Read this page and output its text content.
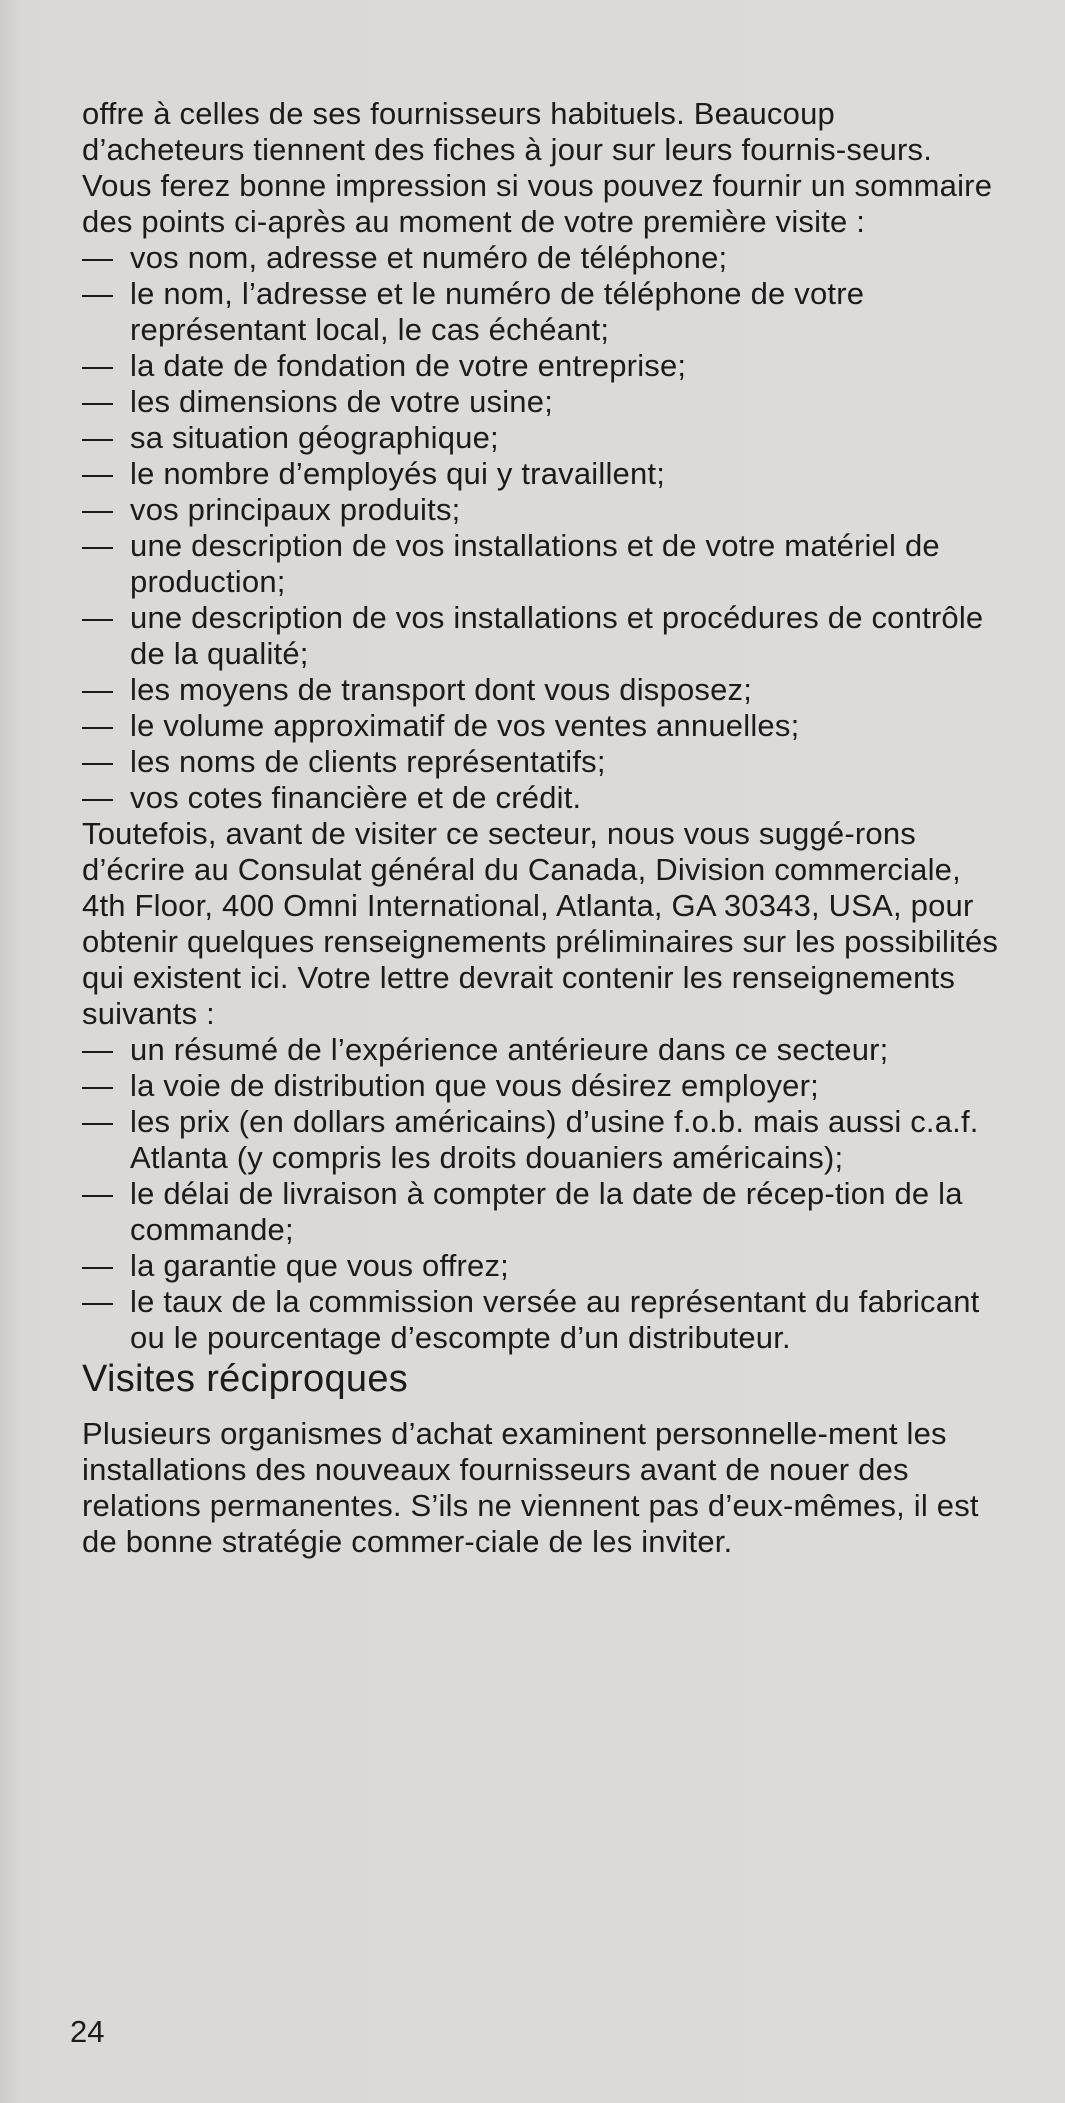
offre à celles de ses fournisseurs habituels. Beaucoup d’acheteurs tiennent des fiches à jour sur leurs fournis-seurs. Vous ferez bonne impression si vous pouvez fournir un sommaire des points ci-après au moment de votre première visite :

— vos nom, adresse et numéro de téléphone;
— le nom, l’adresse et le numéro de téléphone de votre représentant local, le cas échéant;
— la date de fondation de votre entreprise;
— les dimensions de votre usine;
— sa situation géographique;
— le nombre d’employés qui y travaillent;
— vos principaux produits;
— une description de vos installations et de votre matériel de production;
— une description de vos installations et procédures de contrôle de la qualité;
— les moyens de transport dont vous disposez;
— le volume approximatif de vos ventes annuelles;
— les noms de clients représentatifs;
— vos cotes financière et de crédit.

Toutefois, avant de visiter ce secteur, nous vous suggé-rons d’écrire au Consulat général du Canada, Division commerciale, 4th Floor, 400 Omni International, Atlanta, GA 30343, USA, pour obtenir quelques renseignements préliminaires sur les possibilités qui existent ici. Votre lettre devrait contenir les renseignements suivants :

— un résumé de l’expérience antérieure dans ce secteur;
— la voie de distribution que vous désirez employer;
— les prix (en dollars américains) d’usine f.o.b. mais aussi c.a.f. Atlanta (y compris les droits douaniers américains);
— le délai de livraison à compter de la date de récep-tion de la commande;
— la garantie que vous offrez;
— le taux de la commission versée au représentant du fabricant ou le pourcentage d’escompte d’un distributeur.
Visites réciproques

Plusieurs organismes d’achat examinent personnelle-ment les installations des nouveaux fournisseurs avant de nouer des relations permanentes. S’ils ne viennent pas d’eux-mêmes, il est de bonne stratégie commer-ciale de les inviter.

24
